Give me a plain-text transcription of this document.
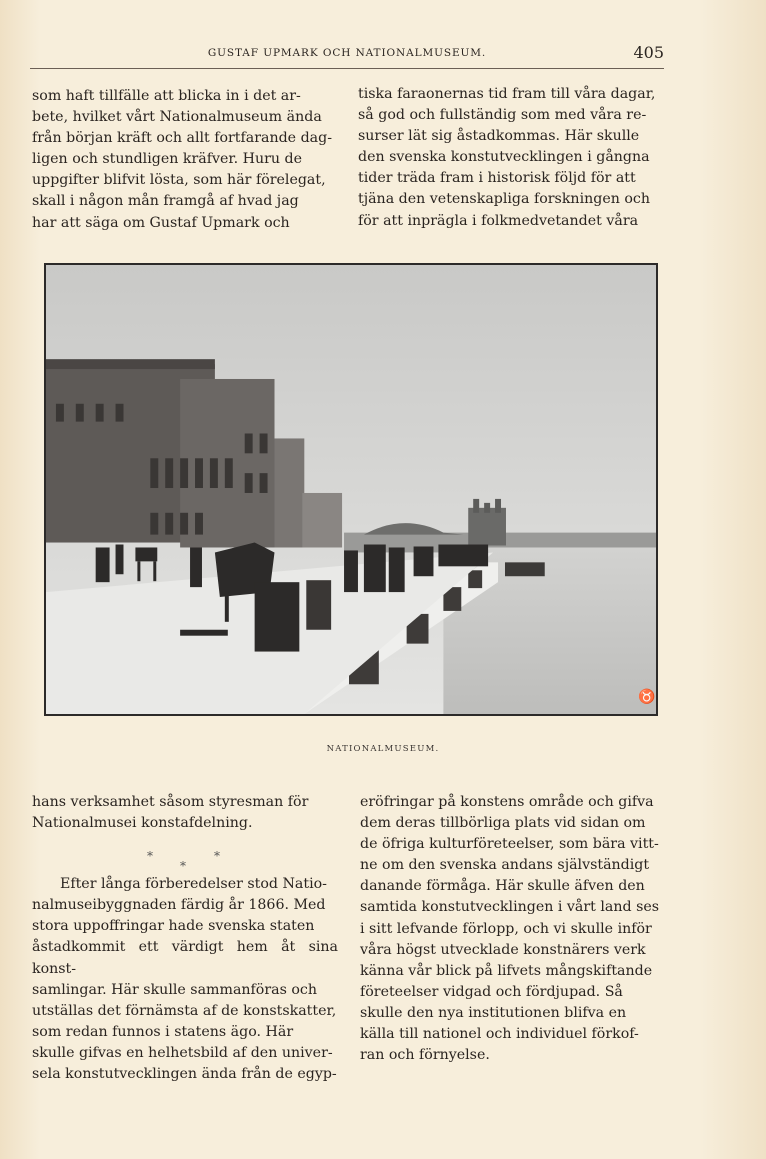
GUSTAF UPMARK OCH NATIONALMUSEUM.	405

som haft tillfälle att blicka in i det ar-

bete, hvilket vårt Nationalmuseum ända

från början kräft och allt fortfarande dag-

ligen och stundligen kräfver. Huru de

uppgifter blifvit lösta, som här förelegat,

skall i någon mån framgå af hvad jag

har att säga om Gustaf Upmark och

tiska faraonernas tid fram till våra dagar,

så god och fullständig som med våra re-

surser lät sig åstadkommas. Här skulle

den svenska konstutvecklingen i gångna

tider träda fram i historisk följd för att

tjäna den vetenskapliga forskningen och

för att inprägla i folkmedvetandet våra

♉
NATIONALMUSEUM.

hans verksamhet såsom styresman för

Nationalmusei konstafdelning.

*	*
*

Efter långa förberedelser stod Natio-

nalmuseibyggnaden färdig år 1866. Med

stora uppoffringar hade svenska staten

åstadkommit ett värdigt hem åt sina konst-

samlingar. Här skulle sammanföras och

utställas det förnämsta af de konstskatter,

som redan funnos i statens ägo. Här

skulle gifvas en helhetsbild af den univer-

sela konstutvecklingen ända från de egyp-

eröfringar på konstens område och gifva

dem deras tillbörliga plats vid sidan om

de öfriga kulturföreteelser, som bära vitt-

ne om den svenska andans självständigt

danande förmåga. Här skulle äfven den

samtida konstutvecklingen i vårt land ses

i sitt lefvande förlopp, och vi skulle inför

våra högst utvecklade konstnärers verk

känna vår blick på lifvets mångskiftande

företeelser vidgad och fördjupad. Så

skulle den nya institutionen blifva en

källa till nationel och individuel förkof-

ran och förnyelse.
